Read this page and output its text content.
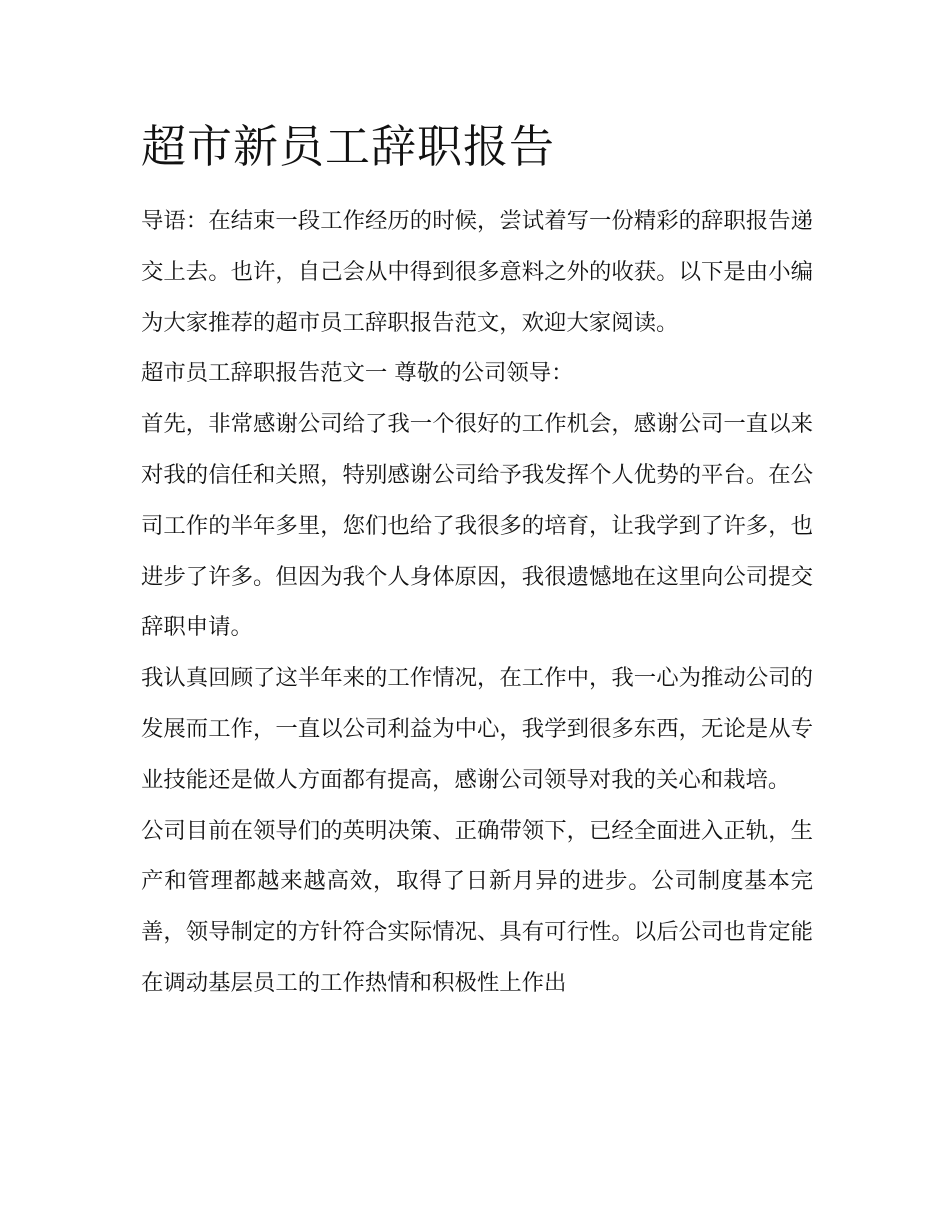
超市新员工辞职报告

导语：在结束一段工作经历的时候，尝试着写一份精彩的辞职报告递交上去。也许，自己会从中得到很多意料之外的收获。以下是由小编为大家推荐的超市员工辞职报告范文，欢迎大家阅读。

超市员工辞职报告范文一 尊敬的公司领导：

首先，非常感谢公司给了我一个很好的工作机会，感谢公司一直以来对我的信任和关照，特别感谢公司给予我发挥个人优势的平台。在公司工作的半年多里，您们也给了我很多的培育，让我学到了许多，也进步了许多。但因为我个人身体原因，我很遗憾地在这里向公司提交辞职申请。

我认真回顾了这半年来的工作情况，在工作中，我一心为推动公司的发展而工作，一直以公司利益为中心，我学到很多东西，无论是从专业技能还是做人方面都有提高，感谢公司领导对我的关心和栽培。

公司目前在领导们的英明决策、正确带领下，已经全面进入正轨，生产和管理都越来越高效，取得了日新月异的进步。公司制度基本完善，领导制定的方针符合实际情况、具有可行性。以后公司也肯定能在调动基层员工的工作热情和积极性上作出
